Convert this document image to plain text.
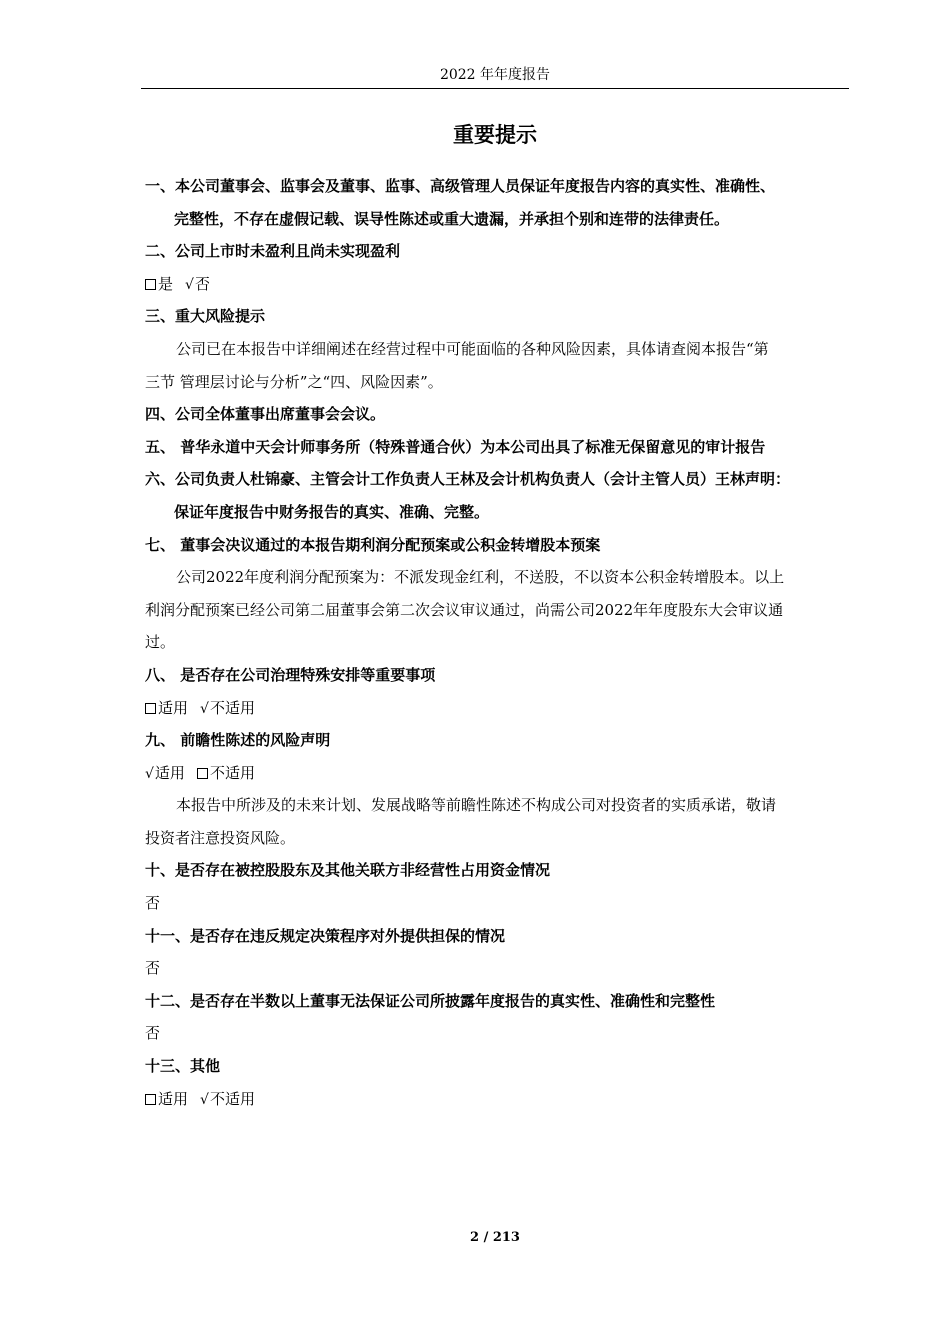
2022 年年度报告
重要提示
一、本公司董事会、监事会及董事、监事、高级管理人员保证年度报告内容的真实性、准确性、
完整性，不存在虚假记载、误导性陈述或重大遗漏，并承担个别和连带的法律责任。
二、公司上市时未盈利且尚未实现盈利
是 √否
三、重大风险提示
公司已在本报告中详细阐述在经营过程中可能面临的各种风险因素，具体请查阅本报告“第
三节 管理层讨论与分析”之“四、风险因素”。
四、公司全体董事出席董事会会议。
五、 普华永道中天会计师事务所（特殊普通合伙）为本公司出具了标准无保留意见的审计报告
六、公司负责人杜锦豪、主管会计工作负责人王林及会计机构负责人（会计主管人员）王林声明：
保证年度报告中财务报告的真实、准确、完整。
七、 董事会决议通过的本报告期利润分配预案或公积金转增股本预案
公司2022年度利润分配预案为：不派发现金红利，不送股，不以资本公积金转增股本。以上
利润分配预案已经公司第二届董事会第二次会议审议通过，尚需公司2022年年度股东大会审议通
过。
八、 是否存在公司治理特殊安排等重要事项
适用 √不适用
九、 前瞻性陈述的风险声明
√适用 不适用
本报告中所涉及的未来计划、发展战略等前瞻性陈述不构成公司对投资者的实质承诺，敬请
投资者注意投资风险。
十、是否存在被控股股东及其他关联方非经营性占用资金情况
否
十一、是否存在违反规定决策程序对外提供担保的情况
否
十二、是否存在半数以上董事无法保证公司所披露年度报告的真实性、准确性和完整性
否
十三、其他
适用 √不适用
2 / 213
